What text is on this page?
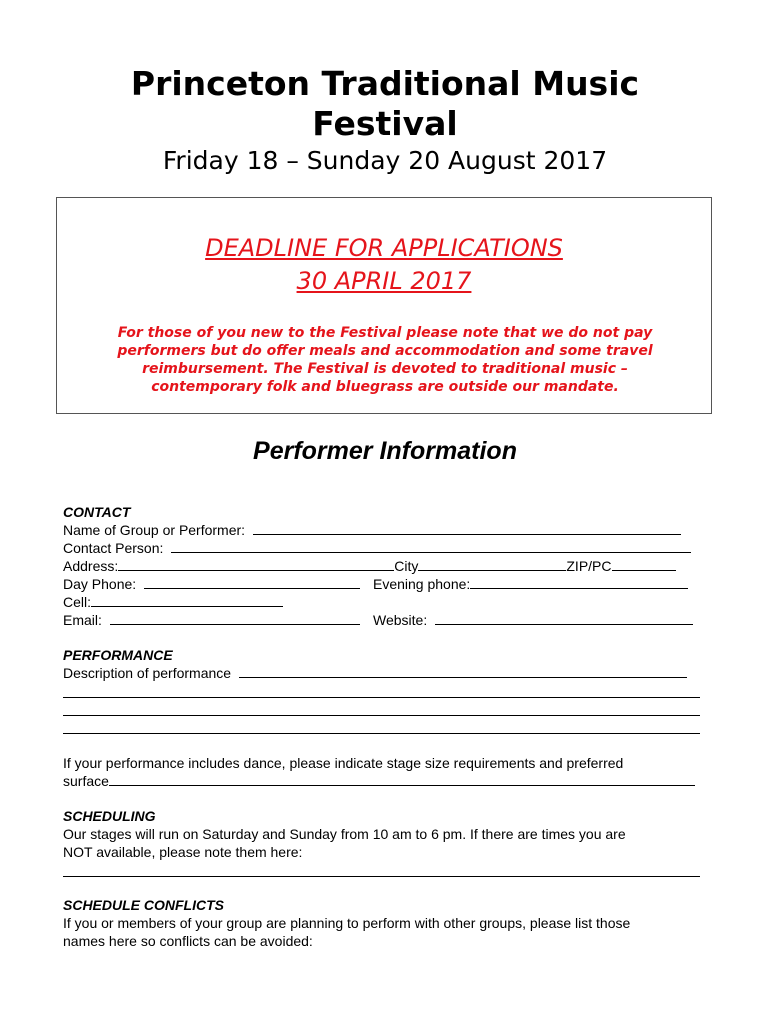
Princeton Traditional Music
Festival
Friday 18 – Sunday 20 August 2017
DEADLINE FOR APPLICATIONS
30 APRIL 2017
For those of you new to the Festival please note that we do not pay
performers but do offer meals and accommodation and some travel
reimbursement. The Festival is devoted to traditional music –
contemporary folk and bluegrass are outside our mandate.
Performer Information
CONTACT
Name of Group or Performer:
Contact Person:
Address:	City	ZIP/PC
Day Phone:	Evening phone:
Cell:
Email:	Website:
PERFORMANCE
Description of performance
If your performance includes dance, please indicate stage size requirements and preferred
surface
SCHEDULING
Our stages will run on Saturday and Sunday from 10 am to 6 pm. If there are times you are
NOT available, please note them here:
SCHEDULE CONFLICTS
If you or members of your group are planning to perform with other groups, please list those
names here so conflicts can be avoided:
